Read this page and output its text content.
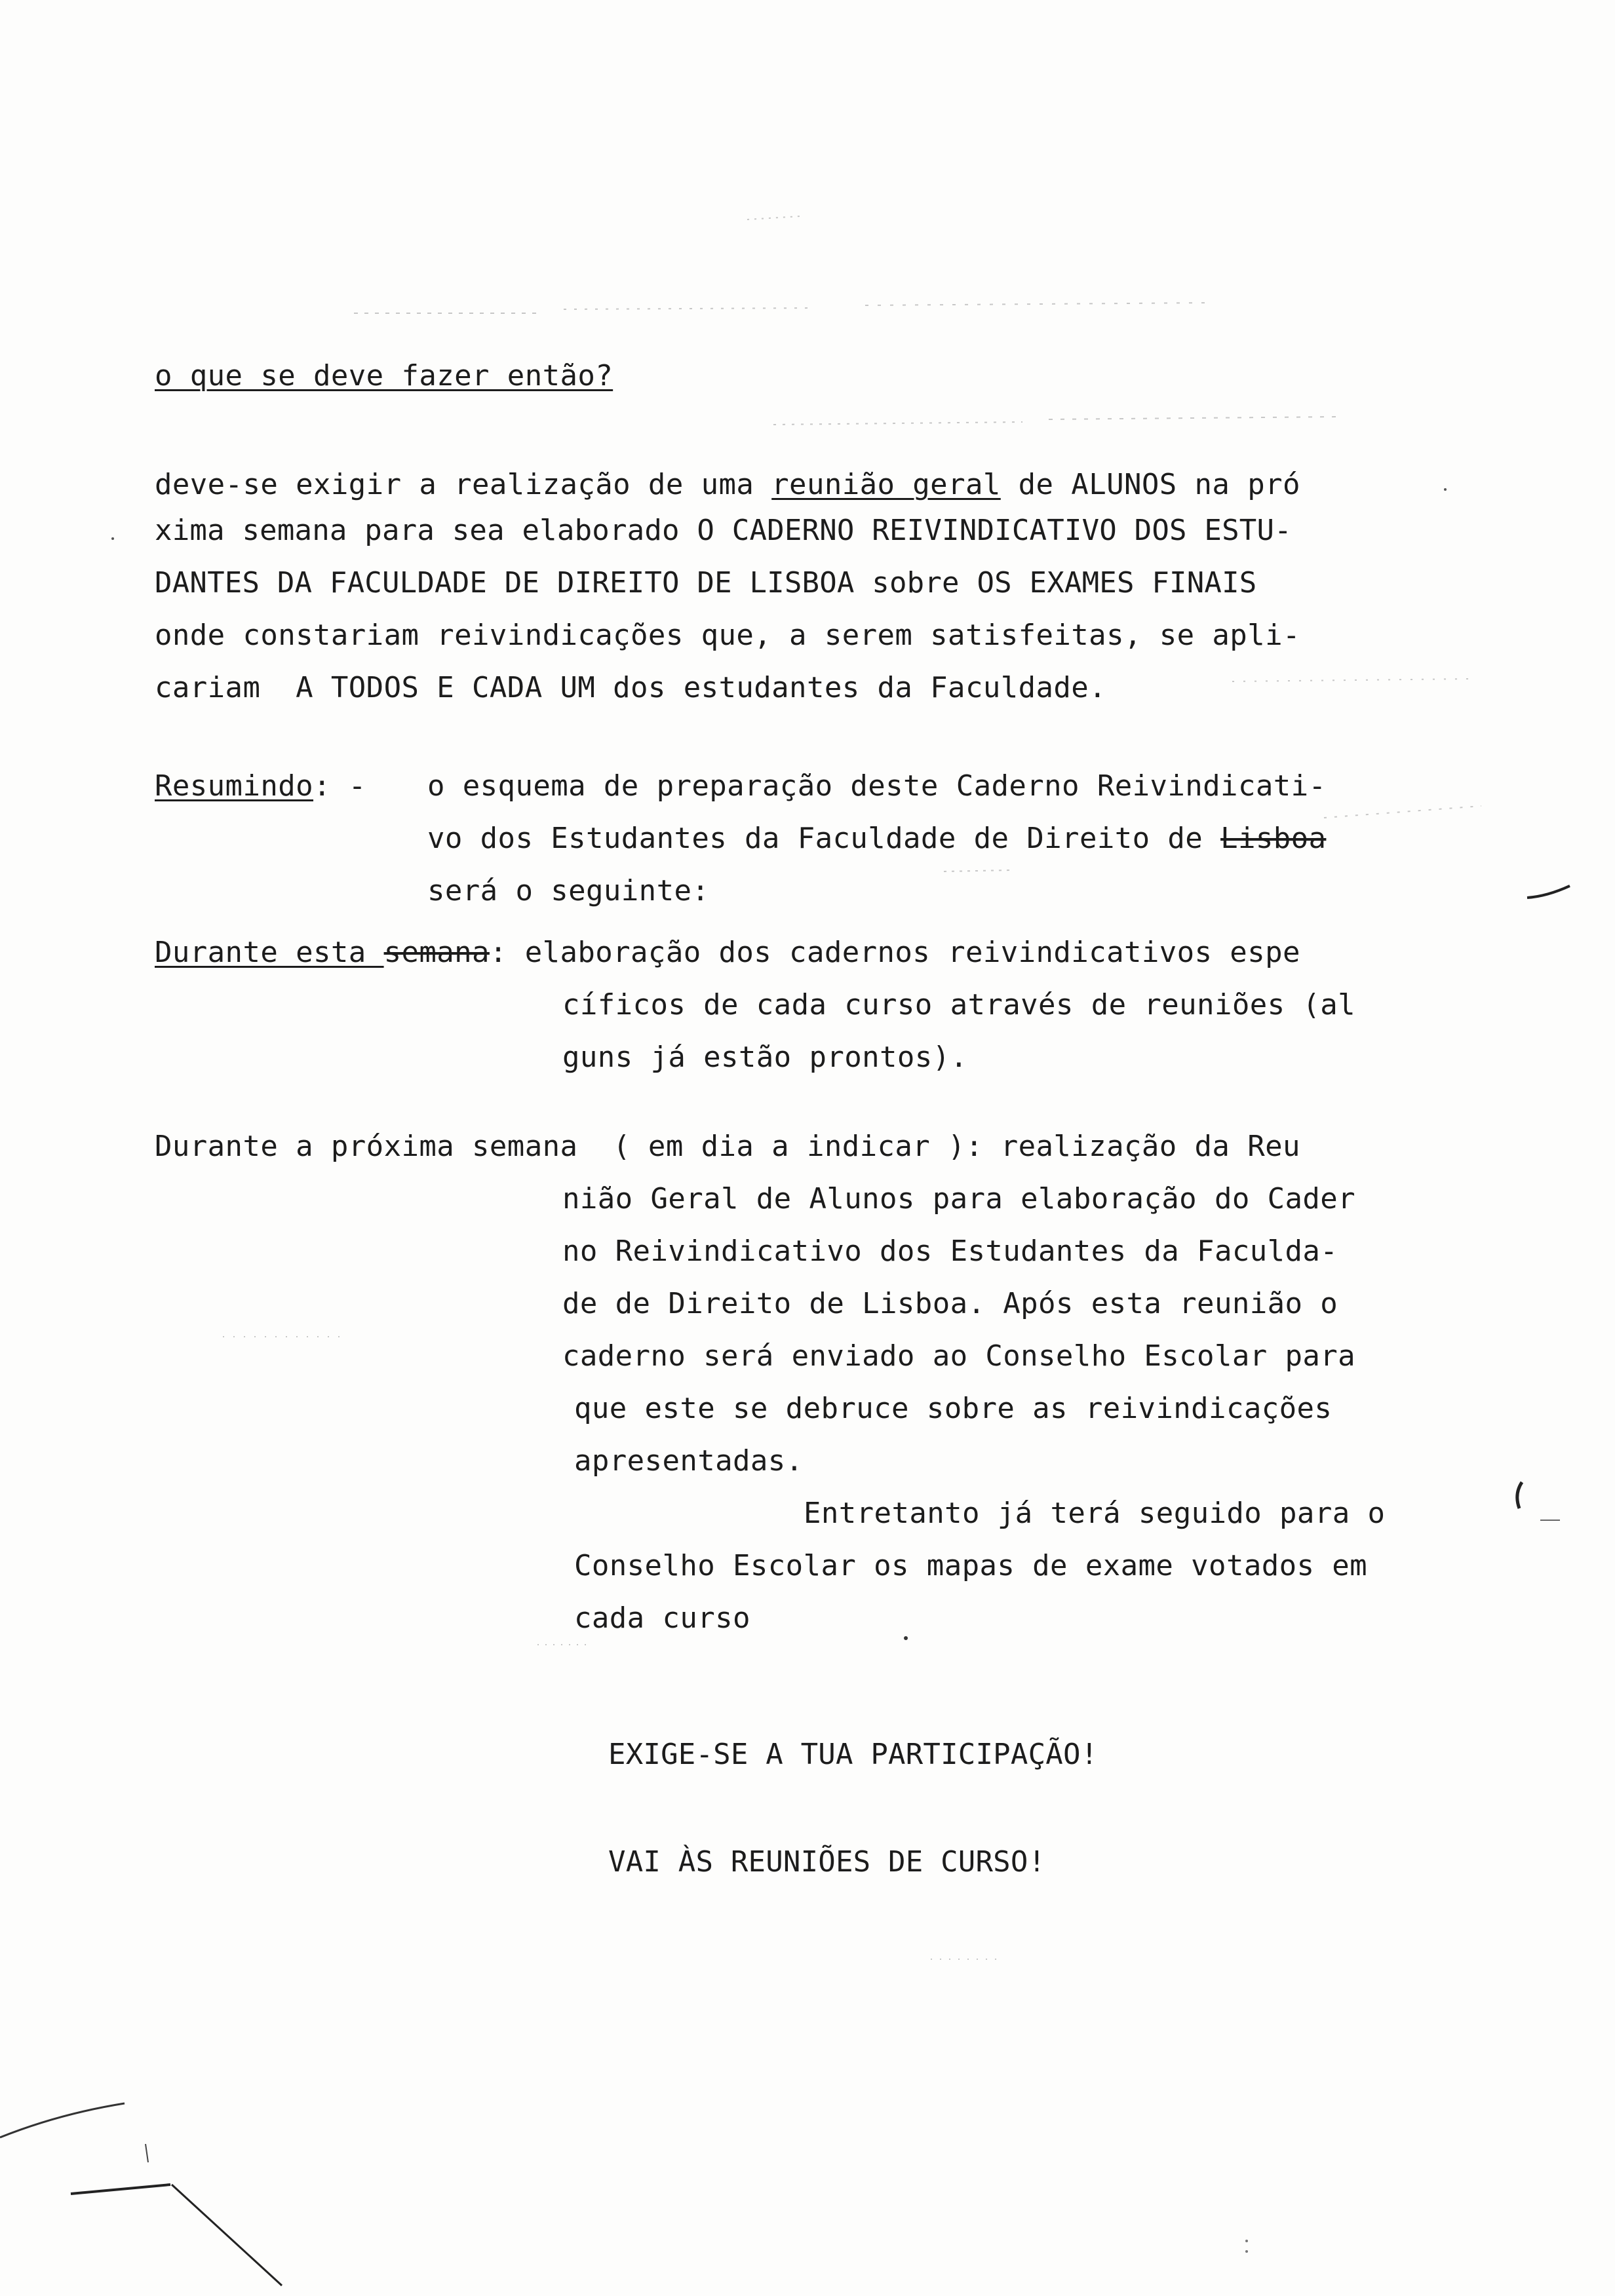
o que se deve fazer então?
deve-se exigir a realização de uma reunião geral de ALUNOS na pró
xima semana para sea elaborado O CADERNO REIVINDICATIVO DOS ESTU-
DANTES DA FACULDADE DE DIREITO DE LISBOA sobre OS EXAMES FINAIS
onde constariam reivindicações que, a serem satisfeitas, se apli-
cariam  A TODOS E CADA UM dos estudantes da Faculdade.
Resumindo: - o esquema de preparação deste Caderno Reivindicati-
vo dos Estudantes da Faculdade de Direito de Lisboa
será o seguinte:
Durante esta semana: elaboração dos cadernos reivindicativos espe
cíficos de cada curso através de reuniões (al
guns já estão prontos).
Durante a próxima semana  ( em dia a indicar ): realização da Reu
nião Geral de Alunos para elaboração do Cader
no Reivindicativo dos Estudantes da Faculda-
de de Direito de Lisboa. Após esta reunião o
caderno será enviado ao Conselho Escolar para
que este se debruce sobre as reivindicações
apresentadas.
Entretanto já terá seguido para o
Conselho Escolar os mapas de exame votados em
cada curso
EXIGE-SE A TUA PARTICIPAÇÃO!
VAI ÀS REUNIÕES DE CURSO!
